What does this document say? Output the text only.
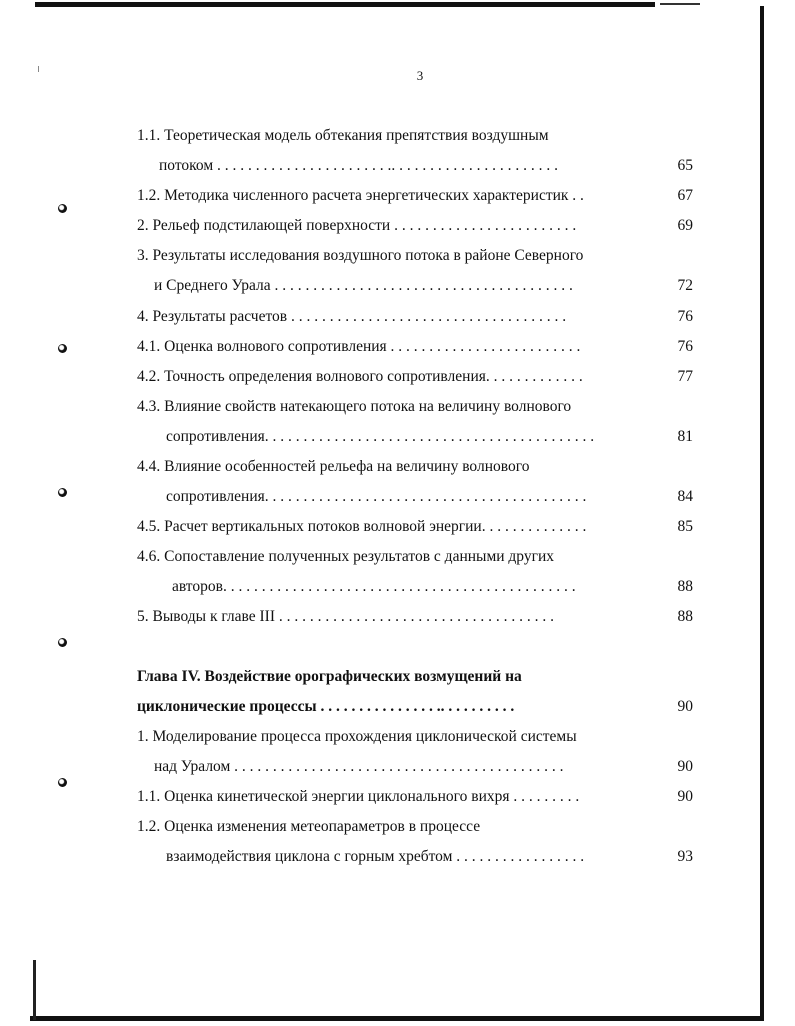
3
1.1. Теоретическая модель обтекания препятствия воздушным
потоком . . . . . . . . . . . . . . . . . . . . . . .. . . . . . . . . . . . . . . . . . . . . .	65
1.2. Методика численного расчета энергетических характеристик . .	67
2. Рельеф подстилающей поверхности . . . . . . . . . . . . . . . . . . . . . . . .	69
3. Результаты исследования воздушного потока в районе Северного
и Среднего Урала . . . . . . . . . . . . . . . . . . . . . . . . . . . . . . . . . . . . . . .	72
4. Результаты расчетов . . . . . . . . . . . . . . . . . . . . . . . . . . . . . . . . . . . .	76
4.1. Оценка волнового сопротивления . . . . . . . . . . . . . . . . . . . . . . . . .	76
4.2. Точность определения волнового сопротивления. . . . . . . . . . . . .	77
4.3. Влияние свойств натекающего потока на величину волнового
сопротивления. . . . . . . . . . . . . . . . . . . . . . . . . . . . . . . . . . . . . . . . . . .	81
4.4. Влияние особенностей рельефа на величину волнового
сопротивления. . . . . . . . . . . . . . . . . . . . . . . . . . . . . . . . . . . . . . . . . .	84
4.5. Расчет вертикальных потоков волновой энергии. . . . . . . . . . . . . .	85
4.6. Сопоставление полученных результатов с данными других
авторов. . . . . . . . . . . . . . . . . . . . . . . . . . . . . . . . . . . . . . . . . . . . . .	88
5. Выводы к главе III . . . . . . . . . . . . . . . . . . . . . . . . . . . . . . . . . . . .	88
Глава IV. Воздействие орографических возмущений на
циклонические процессы . . . . . . . . . . . . . . . .. . . . . . . . . .	90
1. Моделирование процесса прохождения циклонической системы
над Уралом . . . . . . . . . . . . . . . . . . . . . . . . . . . . . . . . . . . . . . . . . . .	90
1.1. Оценка кинетической энергии циклонального вихря . . . . . . . . .	90
1.2. Оценка изменения метеопараметров в процессе
взаимодействия циклона с горным хребтом . . . . . . . . . . . . . . . . .	93
